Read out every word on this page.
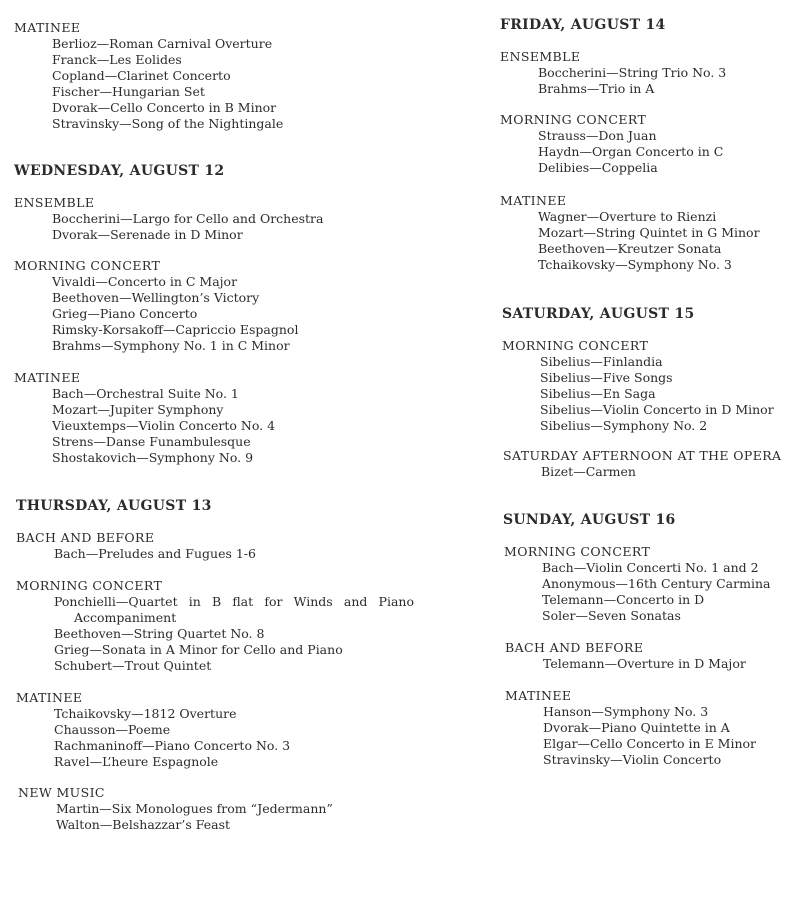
MATINEE

Berlioz—Roman Carnival Overture

Franck—Les Eolides

Copland—Clarinet Concerto

Fischer—Hungarian Set

Dvorak—Cello Concerto in B Minor

Stravinsky—Song of the Nightingale

WEDNESDAY, AUGUST 12

ENSEMBLE

Boccherini—Largo for Cello and Orchestra

Dvorak—Serenade in D Minor

MORNING CONCERT

Vivaldi—Concerto in C Major

Beethoven—Wellington’s Victory

Grieg—Piano Concerto

Rimsky-Korsakoff—Capriccio Espagnol

Brahms—Symphony No. 1 in C Minor

MATINEE

Bach—Orchestral Suite No. 1

Mozart—Jupiter Symphony

Vieuxtemps—Violin Concerto No. 4

Strens—Danse Funambulesque

Shostakovich—Symphony No. 9

THURSDAY, AUGUST 13

BACH AND BEFORE

Bach—Preludes and Fugues 1-6

MORNING CONCERT

Ponchielli—Quartet in B flat for Winds and Piano

Accompaniment

Beethoven—String Quartet No. 8

Grieg—Sonata in A Minor for Cello and Piano

Schubert—Trout Quintet

MATINEE

Tchaikovsky—1812 Overture

Chausson—Poeme

Rachmaninoff—Piano Concerto No. 3

Ravel—L’heure Espagnole

NEW MUSIC

Martin—Six Monologues from “Jedermann”

Walton—Belshazzar’s Feast

FRIDAY, AUGUST 14

ENSEMBLE

Boccherini—String Trio No. 3

Brahms—Trio in A

MORNING CONCERT

Strauss—Don Juan

Haydn—Organ Concerto in C

Delibies—Coppelia

MATINEE

Wagner—Overture to Rienzi

Mozart—String Quintet in G Minor

Beethoven—Kreutzer Sonata

Tchaikovsky—Symphony No. 3

SATURDAY, AUGUST 15

MORNING CONCERT

Sibelius—Finlandia

Sibelius—Five Songs

Sibelius—En Saga

Sibelius—Violin Concerto in D Minor

Sibelius—Symphony No. 2

SATURDAY AFTERNOON AT THE OPERA

Bizet—Carmen

SUNDAY, AUGUST 16

MORNING CONCERT

Bach—Violin Concerti No. 1 and 2

Anonymous—16th Century Carmina

Telemann—Concerto in D

Soler—Seven Sonatas

BACH AND BEFORE

Telemann—Overture in D Major

MATINEE

Hanson—Symphony No. 3

Dvorak—Piano Quintette in A

Elgar—Cello Concerto in E Minor

Stravinsky—Violin Concerto
